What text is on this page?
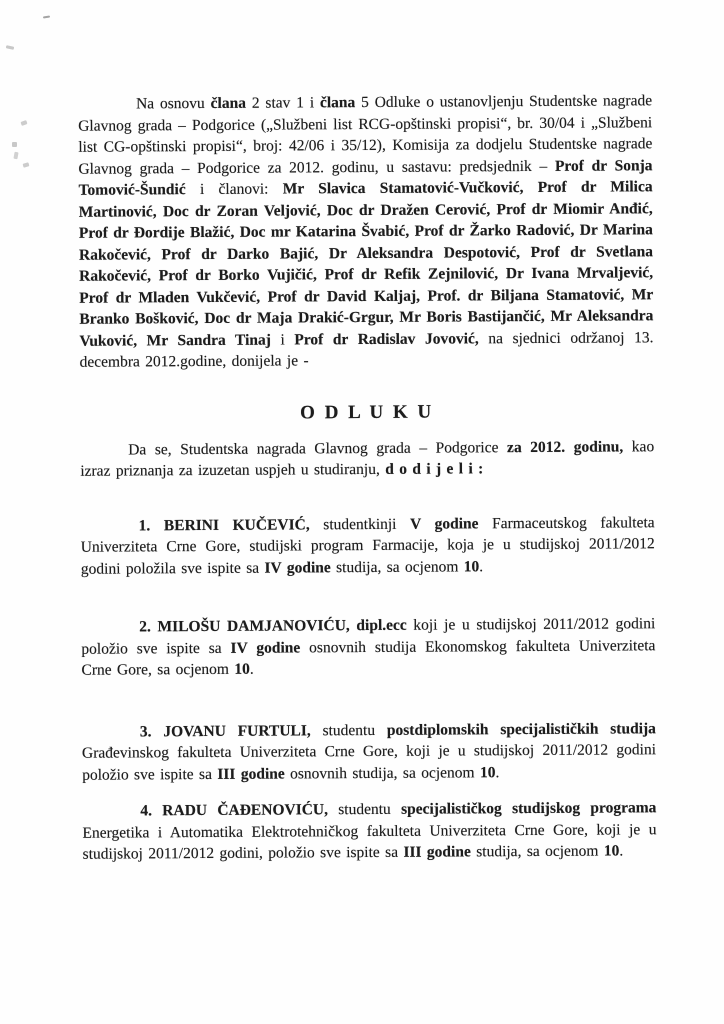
Na osnovu člana 2 stav 1 i člana 5 Odluke o ustanovljenju Studentske nagrade Glavnog grada – Podgorice („Službeni list RCG-opštinski propisi“, br. 30/04 i „Službeni list CG-opštinski propisi“, broj: 42/06 i 35/12), Komisija za dodjelu Studentske nagrade Glavnog grada – Podgorice za 2012. godinu, u sastavu: predsjednik – Prof dr Sonja Tomović-Šundić i članovi: Mr Slavica Stamatović-Vučković, Prof dr Milica Martinović, Doc dr Zoran Veljović, Doc dr Dražen Cerović, Prof dr Miomir Anđić, Prof dr Đordije Blažić, Doc mr Katarina Švabić, Prof dr Žarko Radović, Dr Marina Rakočević, Prof dr Darko Bajić, Dr Aleksandra Despotović, Prof dr Svetlana Rakočević, Prof dr Borko Vujičić, Prof dr Refik Zejnilović, Dr Ivana Mrvaljević, Prof dr Mladen Vukčević, Prof dr David Kaljaj, Prof. dr Biljana Stamatović, Mr Branko Bošković, Doc dr Maja Drakić-Grgur, Mr Boris Bastijančić, Mr Aleksandra Vuković, Mr Sandra Tinaj i Prof dr Radislav Jovović, na sjednici održanoj 13. decembra 2012.godine, donijela je -

O D L U K U

Da se, Studentska nagrada Glavnog grada – Podgorice za 2012. godinu, kao izraz priznanja za izuzetan uspjeh u studiranju, d o d i j e l i :

1. BERINI KUČEVIĆ, studentkinji V godine Farmaceutskog fakulteta Univerziteta Crne Gore, studijski program Farmacije, koja je u studijskoj 2011/2012 godini položila sve ispite sa IV godine studija, sa ocjenom 10.

2. MILOŠU DAMJANOVIĆU, dipl.ecc koji je u studijskoj 2011/2012 godini položio sve ispite sa IV godine osnovnih studija Ekonomskog fakulteta Univerziteta Crne Gore, sa ocjenom 10.

3. JOVANU FURTULI, studentu postdiplomskih specijalističkih studija Građevinskog fakulteta Univerziteta Crne Gore, koji je u studijskoj 2011/2012 godini položio sve ispite sa III godine osnovnih studija, sa ocjenom 10.

4. RADU ČAĐENOVIĆU, studentu specijalističkog studijskog programa Energetika i Automatika Elektrotehničkog fakulteta Univerziteta Crne Gore, koji je u studijskoj 2011/2012 godini, položio sve ispite sa III godine studija, sa ocjenom 10.
